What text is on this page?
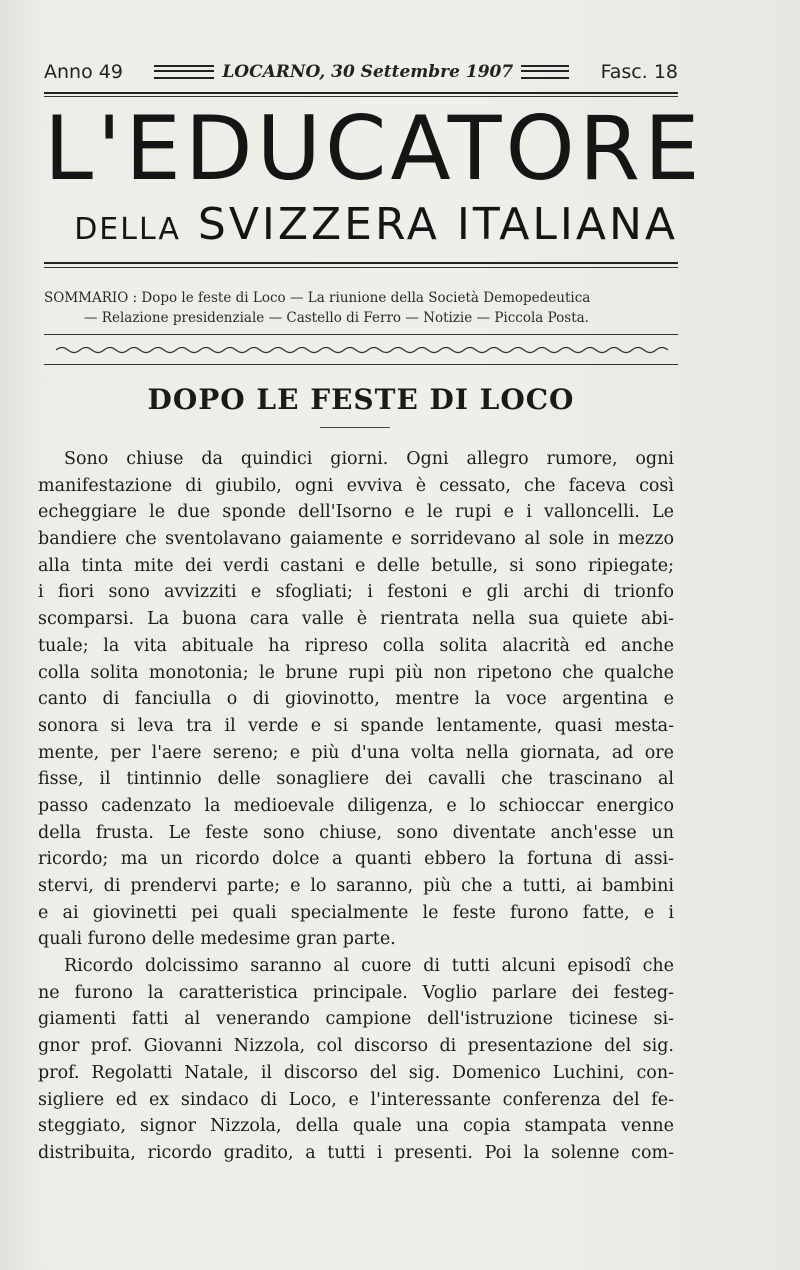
Anno 49	LOCARNO, 30 Settembre 1907	Fasc. 18
L'EDUCATORE
DELLA SVIZZERA ITALIANA
SOMMARIO : Dopo le feste di Loco — La riunione della Società Demopedeutica
— Relazione presidenziale — Castello di Ferro — Notizie — Piccola Posta.
DOPO LE FESTE DI LOCO
Sono chiuse da quindici giorni. Ogni allegro rumore, ogni
manifestazione di giubilo, ogni evviva è cessato, che faceva così
echeggiare le due sponde dell'Isorno e le rupi e i valloncelli. Le
bandiere che sventolavano gaiamente e sorridevano al sole in mezzo
alla tinta mite dei verdi castani e delle betulle, si sono ripiegate;
i fiori sono avvizziti e sfogliati; i festoni e gli archi di trionfo
scomparsi. La buona cara valle è rientrata nella sua quiete abi-
tuale; la vita abituale ha ripreso colla solita alacrità ed anche
colla solita monotonia; le brune rupi più non ripetono che qualche
canto di fanciulla o di giovinotto, mentre la voce argentina e
sonora si leva tra il verde e si spande lentamente, quasi mesta-
mente, per l'aere sereno; e più d'una volta nella giornata, ad ore
fisse, il tintinnio delle sonagliere dei cavalli che trascinano al
passo cadenzato la medioevale diligenza, e lo schioccar energico
della frusta. Le feste sono chiuse, sono diventate anch'esse un
ricordo; ma un ricordo dolce a quanti ebbero la fortuna di assi-
stervi, di prendervi parte; e lo saranno, più che a tutti, ai bambini
e ai giovinetti pei quali specialmente le feste furono fatte, e i
quali furono delle medesime gran parte.
Ricordo dolcissimo saranno al cuore di tutti alcuni episodî che
ne furono la caratteristica principale. Voglio parlare dei festeg-
giamenti fatti al venerando campione dell'istruzione ticinese si-
gnor prof. Giovanni Nizzola, col discorso di presentazione del sig.
prof. Regolatti Natale, il discorso del sig. Domenico Luchini, con-
sigliere ed ex sindaco di Loco, e l'interessante conferenza del fe-
steggiato, signor Nizzola, della quale una copia stampata venne
distribuita, ricordo gradito, a tutti i presenti. Poi la solenne com-
